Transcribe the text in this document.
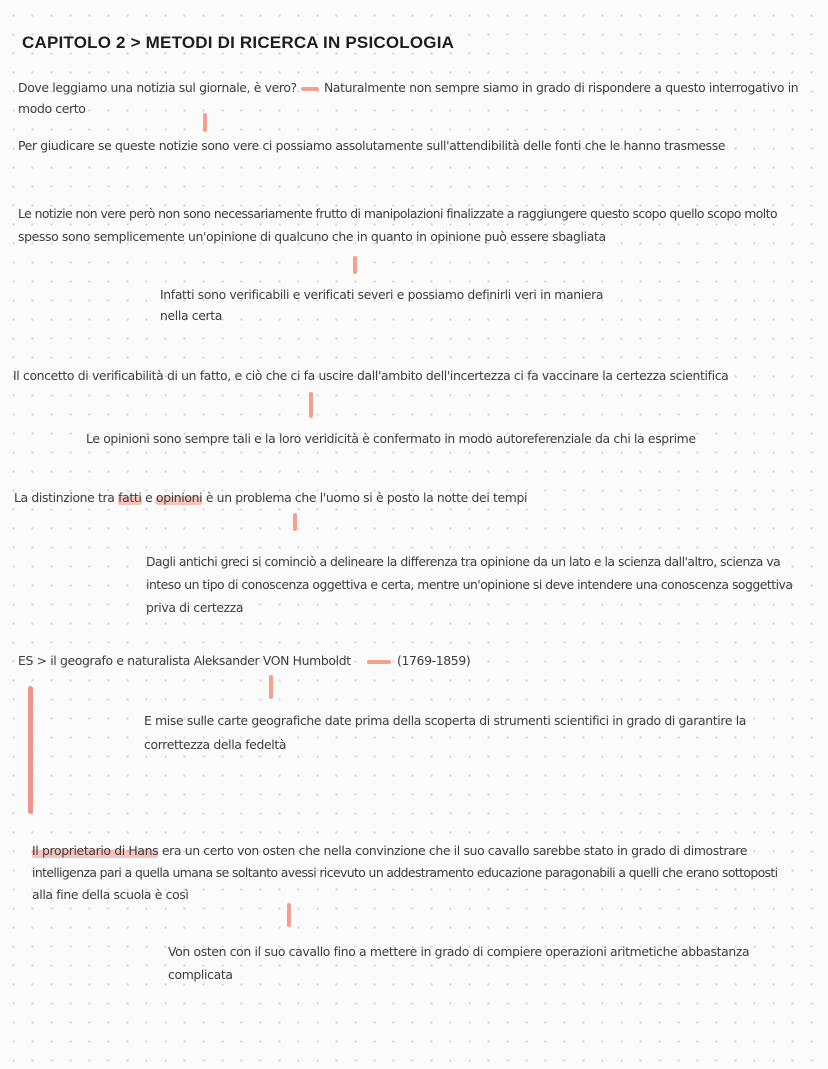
CAPITOLO 2 > METODI DI RICERCA IN PSICOLOGIA
Dove leggiamo una notizia sul giornale, è vero? Naturalmente non sempre siamo in grado di rispondere a questo interrogativo in
modo certo
Per giudicare se queste notizie sono vere ci possiamo assolutamente sull'attendibilità delle fonti che le hanno trasmesse
Le notizie non vere però non sono necessariamente frutto di manipolazioni finalizzate a raggiungere questo scopo quello scopo molto
spesso sono semplicemente un'opinione di qualcuno che in quanto in opinione può essere sbagliata
Infatti sono verificabili e verificati severi e possiamo definirli veri in maniera
nella certa
Il concetto di verificabilità di un fatto, e ciò che ci fa uscire dall'ambito dell'incertezza ci fa vaccinare la certezza scientifica
Le opinioni sono sempre tali e la loro veridicità è confermato in modo autoreferenziale da chi la esprime
La distinzione tra fatti e opinioni è un problema che l'uomo si è posto la notte dei tempi
Dagli antichi greci si cominciò a delineare la differenza tra opinione da un lato e la scienza dall'altro, scienza va
inteso un tipo di conoscenza oggettiva e certa, mentre un'opinione si deve intendere una conoscenza soggettiva
priva di certezza
ES > il geografo e naturalista Aleksander VON Humboldt	(1769-1859)
E mise sulle carte geografiche date prima della scoperta di strumenti scientifici in grado di garantire la
correttezza della fedeltà
Il proprietario di Hans era un certo von osten che nella convinzione che il suo cavallo sarebbe stato in grado di dimostrare
intelligenza pari a quella umana se soltanto avessi ricevuto un addestramento educazione paragonabili a quelli che erano sottoposti
alla fine della scuola è così
Von osten con il suo cavallo fino a mettere in grado di compiere operazioni aritmetiche abbastanza
complicata
